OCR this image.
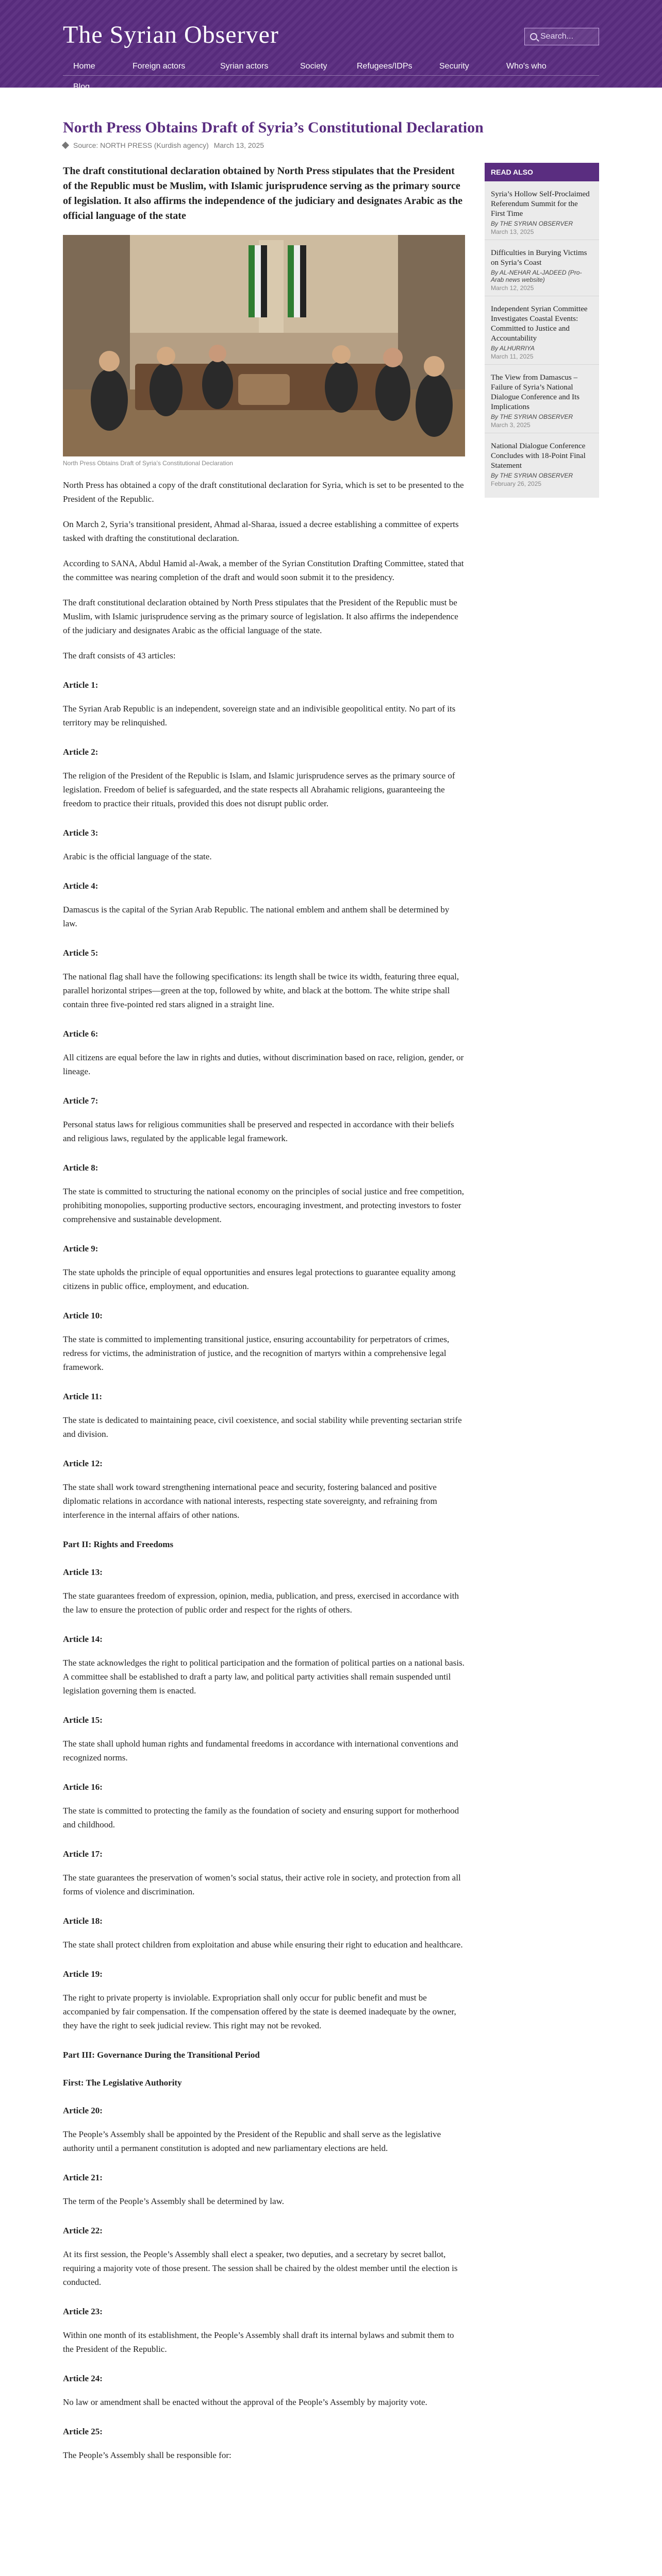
The Syrian Observer	Search...
Home	Foreign actors	Syrian actors	Society	Refugees/IDPs	Security	Who's who
Blog
North Press Obtains Draft of Syria’s Constitutional Declaration
Source: NORTH PRESS (Kurdish agency) March 13, 2025

The draft constitutional declaration obtained by North Press stipulates that the President of the Republic must be Muslim, with Islamic jurisprudence serving as the primary source of legislation. It also affirms the independence of the judiciary and designates Arabic as the official language of the state

North Press Obtains Draft of Syria’s Constitutional Declaration

North Press has obtained a copy of the draft constitutional declaration for Syria, which is set to be presented to the President of the Republic.

On March 2, Syria’s transitional president, Ahmad al-Sharaa, issued a decree establishing a committee of experts tasked with drafting the constitutional declaration.

According to SANA, Abdul Hamid al-Awak, a member of the Syrian Constitution Drafting Committee, stated that the committee was nearing completion of the draft and would soon submit it to the presidency.

The draft constitutional declaration obtained by North Press stipulates that the President of the Republic must be Muslim, with Islamic jurisprudence serving as the primary source of legislation. It also affirms the independence of the judiciary and designates Arabic as the official language of the state.

The draft consists of 43 articles:

Article 1:

The Syrian Arab Republic is an independent, sovereign state and an indivisible geopolitical entity. No part of its territory may be relinquished.

Article 2:

The religion of the President of the Republic is Islam, and Islamic jurisprudence serves as the primary source of legislation. Freedom of belief is safeguarded, and the state respects all Abrahamic religions, guaranteeing the freedom to practice their rituals, provided this does not disrupt public order.

Article 3:

Arabic is the official language of the state.

Article 4:

Damascus is the capital of the Syrian Arab Republic. The national emblem and anthem shall be determined by law.

Article 5:

The national flag shall have the following specifications: its length shall be twice its width, featuring three equal, parallel horizontal stripes—green at the top, followed by white, and black at the bottom. The white stripe shall contain three five-pointed red stars aligned in a straight line.

Article 6:

All citizens are equal before the law in rights and duties, without discrimination based on race, religion, gender, or lineage.

Article 7:

Personal status laws for religious communities shall be preserved and respected in accordance with their beliefs and religious laws, regulated by the applicable legal framework.

Article 8:

The state is committed to structuring the national economy on the principles of social justice and free competition, prohibiting monopolies, supporting productive sectors, encouraging investment, and protecting investors to foster comprehensive and sustainable development.

Article 9:

The state upholds the principle of equal opportunities and ensures legal protections to guarantee equality among citizens in public office, employment, and education.

Article 10:

The state is committed to implementing transitional justice, ensuring accountability for perpetrators of crimes, redress for victims, the administration of justice, and the recognition of martyrs within a comprehensive legal framework.

Article 11:

The state is dedicated to maintaining peace, civil coexistence, and social stability while preventing sectarian strife and division.

Article 12:

The state shall work toward strengthening international peace and security, fostering balanced and positive diplomatic relations in accordance with national interests, respecting state sovereignty, and refraining from interference in the internal affairs of other nations.

Part II: Rights and Freedoms
Article 13:

The state guarantees freedom of expression, opinion, media, publication, and press, exercised in accordance with the law to ensure the protection of public order and respect for the rights of others.

Article 14:

The state acknowledges the right to political participation and the formation of political parties on a national basis. A committee shall be established to draft a party law, and political party activities shall remain suspended until legislation governing them is enacted.

Article 15:

The state shall uphold human rights and fundamental freedoms in accordance with international conventions and recognized norms.

Article 16:

The state is committed to protecting the family as the foundation of society and ensuring support for motherhood and childhood.

Article 17:

The state guarantees the preservation of women’s social status, their active role in society, and protection from all forms of violence and discrimination.

Article 18:

The state shall protect children from exploitation and abuse while ensuring their right to education and healthcare.

Article 19:

The right to private property is inviolable. Expropriation shall only occur for public benefit and must be accompanied by fair compensation. If the compensation offered by the state is deemed inadequate by the owner, they have the right to seek judicial review. This right may not be revoked.

Part III: Governance During the Transitional Period
First: The Legislative Authority
Article 20:

The People’s Assembly shall be appointed by the President of the Republic and shall serve as the legislative authority until a permanent constitution is adopted and new parliamentary elections are held.

Article 21:

The term of the People’s Assembly shall be determined by law.

Article 22:

At its first session, the People’s Assembly shall elect a speaker, two deputies, and a secretary by secret ballot, requiring a majority vote of those present. The session shall be chaired by the oldest member until the election is conducted.

Article 23:

Within one month of its establishment, the People’s Assembly shall draft its internal bylaws and submit them to the President of the Republic.

Article 24:

No law or amendment shall be enacted without the approval of the People’s Assembly by majority vote.

Article 25:

The People’s Assembly shall be responsible for:

READ ALSO
Syria’s Hollow Self-Proclaimed Referendum Summit for the First Time
By THE SYRIAN OBSERVER
March 13, 2025
Difficulties in Burying Victims on Syria’s Coast
By AL-NEHAR AL-JADEED (Pro-Arab news website)
March 12, 2025
Independent Syrian Committee Investigates Coastal Events: Committed to Justice and Accountability
By ALHURRIYA
March 11, 2025
The View from Damascus – Failure of Syria’s National Dialogue Conference and Its Implications
By THE SYRIAN OBSERVER
March 3, 2025
National Dialogue Conference Concludes with 18-Point Final Statement
By THE SYRIAN OBSERVER
February 26, 2025
